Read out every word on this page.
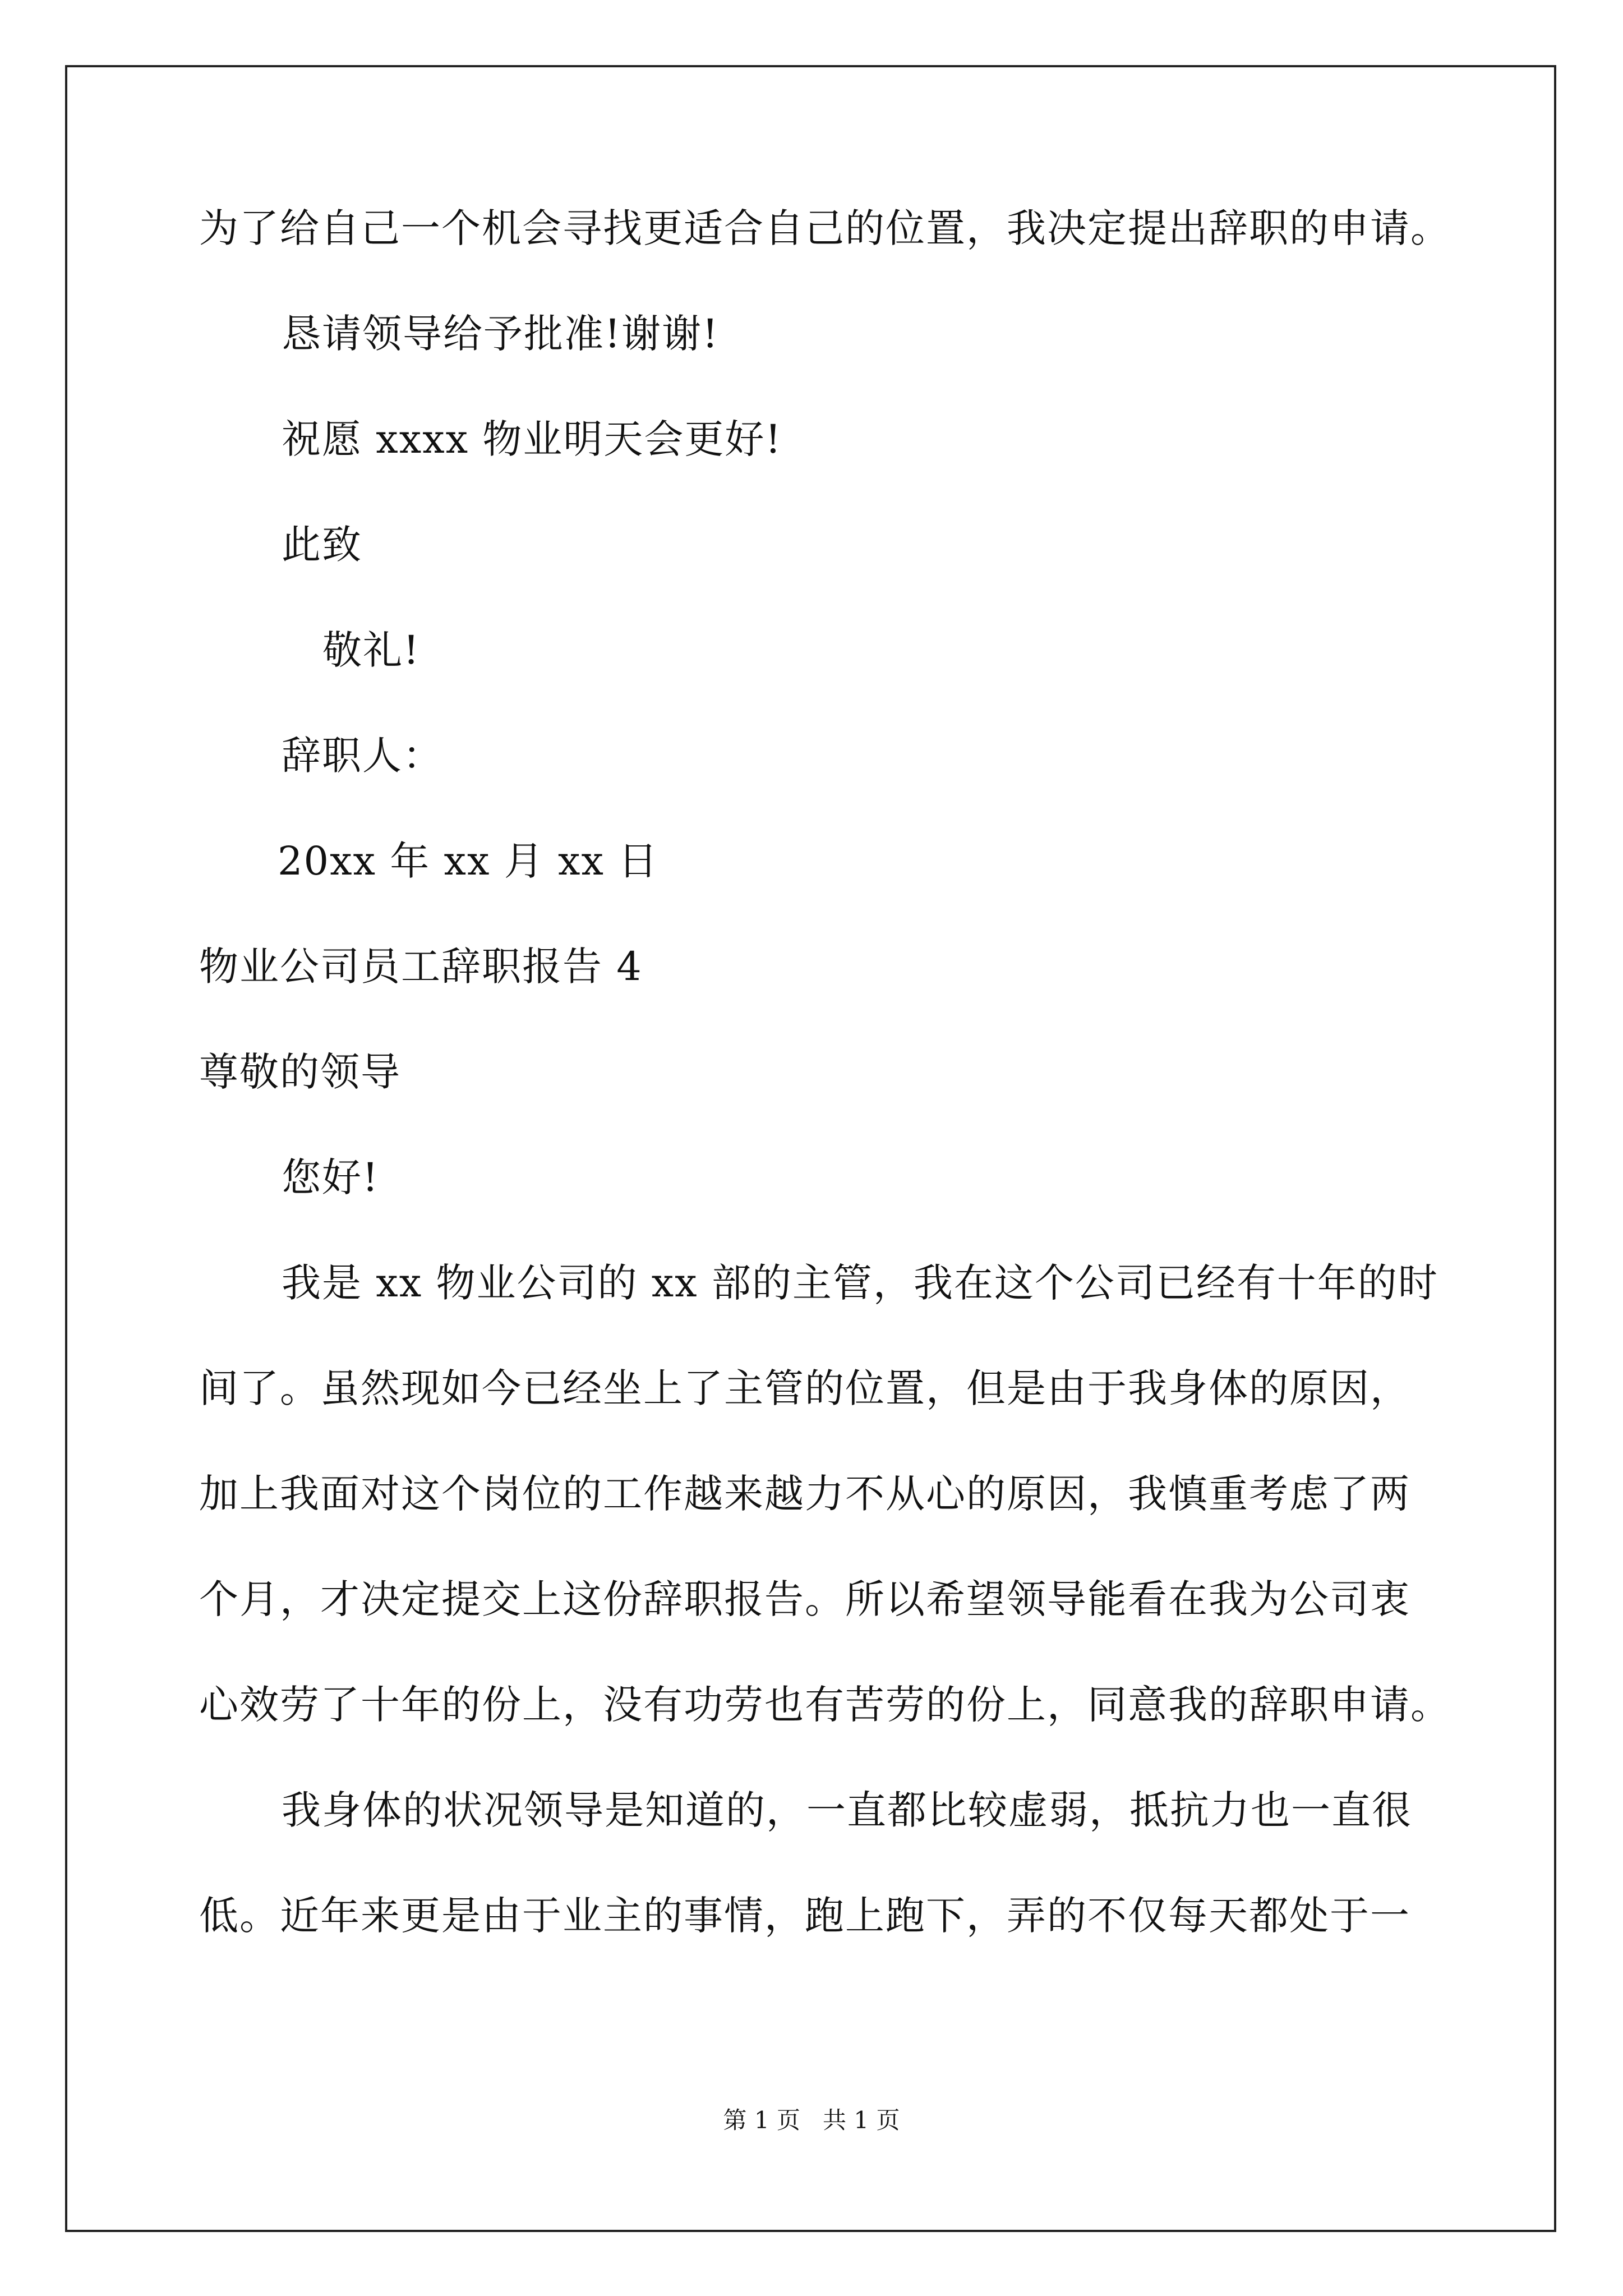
为了给自己一个机会寻找更适合自己的位置，我决定提出辞职的申请。
恳请领导给予批准!谢谢!
祝愿 xxxx 物业明天会更好!
此致
敬礼!
辞职人：
20xx 年 xx 月 xx 日
物业公司员工辞职报告 4
尊敬的领导
您好!
我是 xx 物业公司的 xx 部的主管，我在这个公司已经有十年的时
间了。虽然现如今已经坐上了主管的位置，但是由于我身体的原因，
加上我面对这个岗位的工作越来越力不从心的原因，我慎重考虑了两
个月，才决定提交上这份辞职报告。所以希望领导能看在我为公司衷
心效劳了十年的份上，没有功劳也有苦劳的份上，同意我的辞职申请。
我身体的状况领导是知道的，一直都比较虚弱，抵抗力也一直很
低。近年来更是由于业主的事情，跑上跑下，弄的不仅每天都处于一
第 1 页   共 1 页
